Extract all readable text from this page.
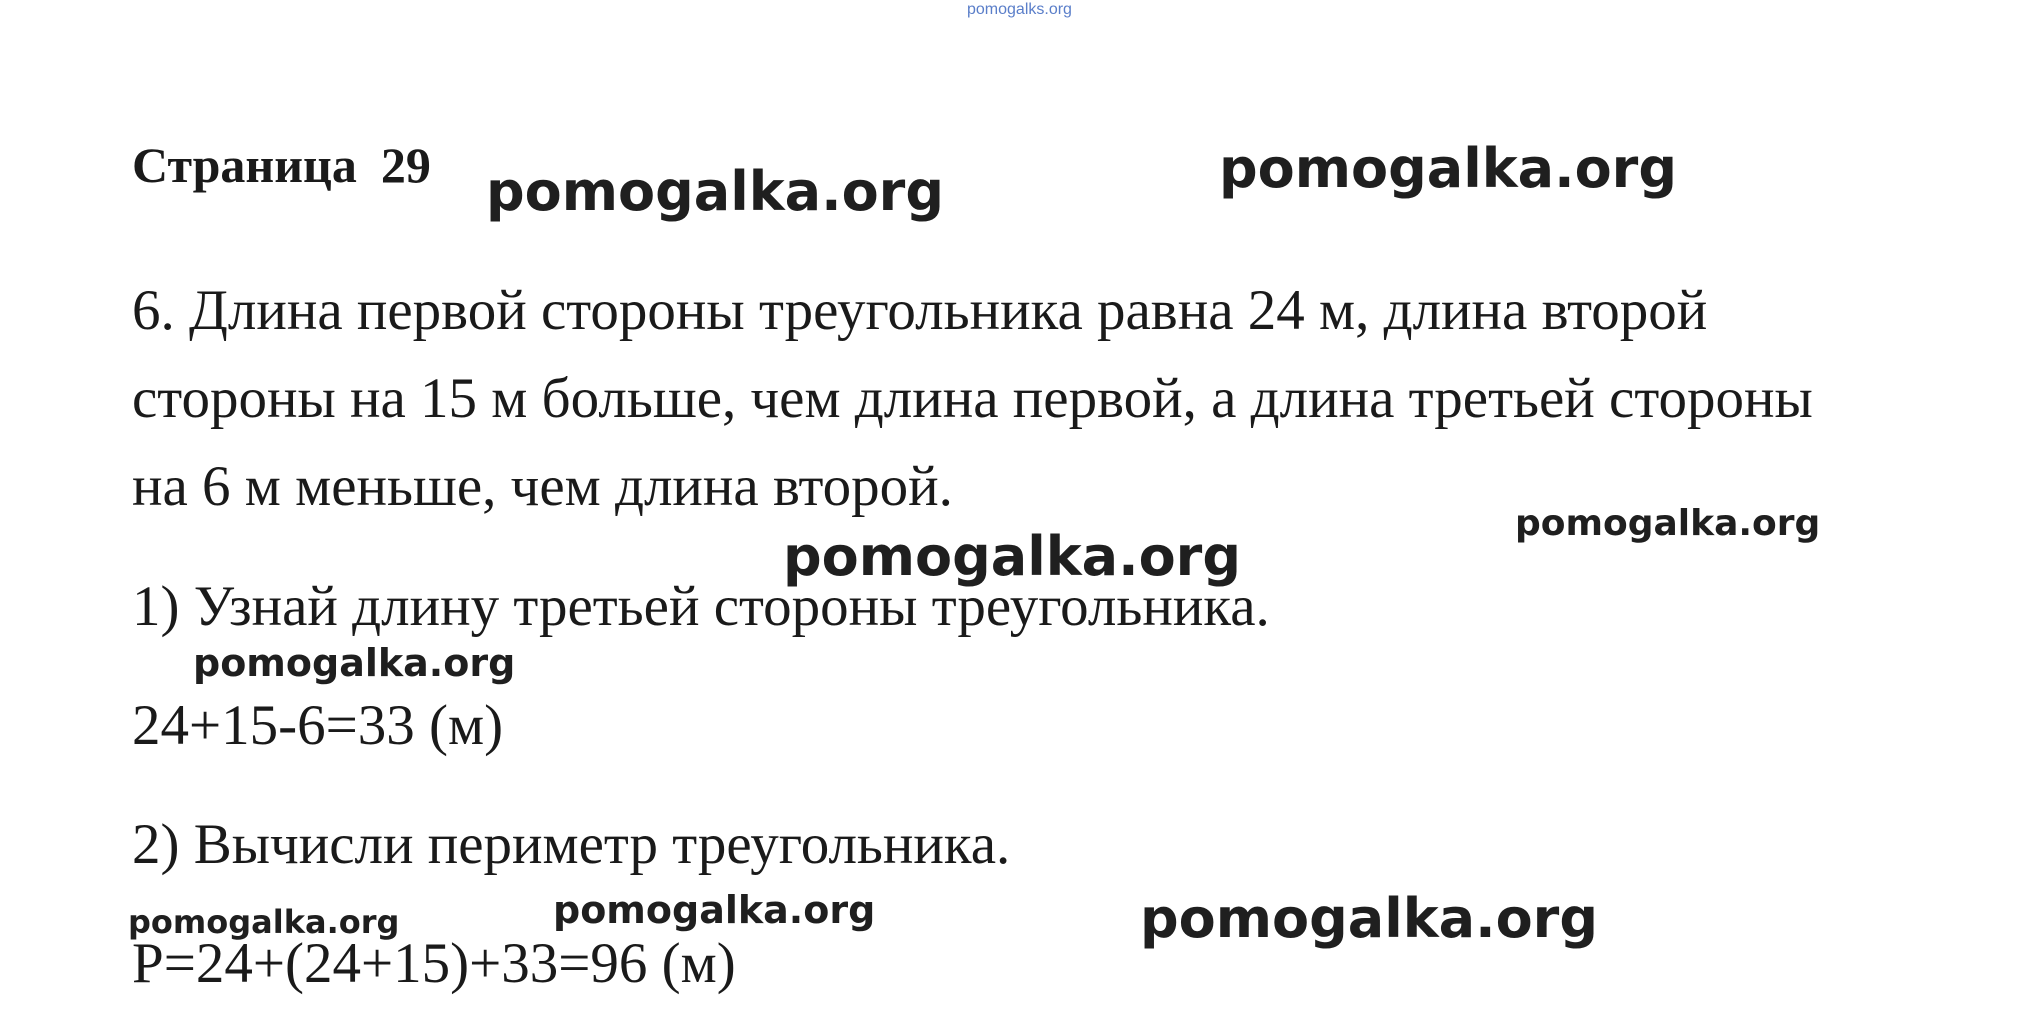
pomogalks.org
Страница 29
6. Длина первой стороны треугольника равна 24 м, длина второй
стороны на 15 м больше, чем длина первой, а длина третьей стороны
на 6 м меньше, чем длина второй.
1) Узнай длину третьей стороны треугольника.
24+15-6=33 (м)
2) Вычисли периметр треугольника.
P=24+(24+15)+33=96 (м)
pomogalka.org	pomogalka.org
pomogalka.org
pomogalka.org
pomogalka.org
pomogalka.org	pomogalka.org	pomogalka.org
